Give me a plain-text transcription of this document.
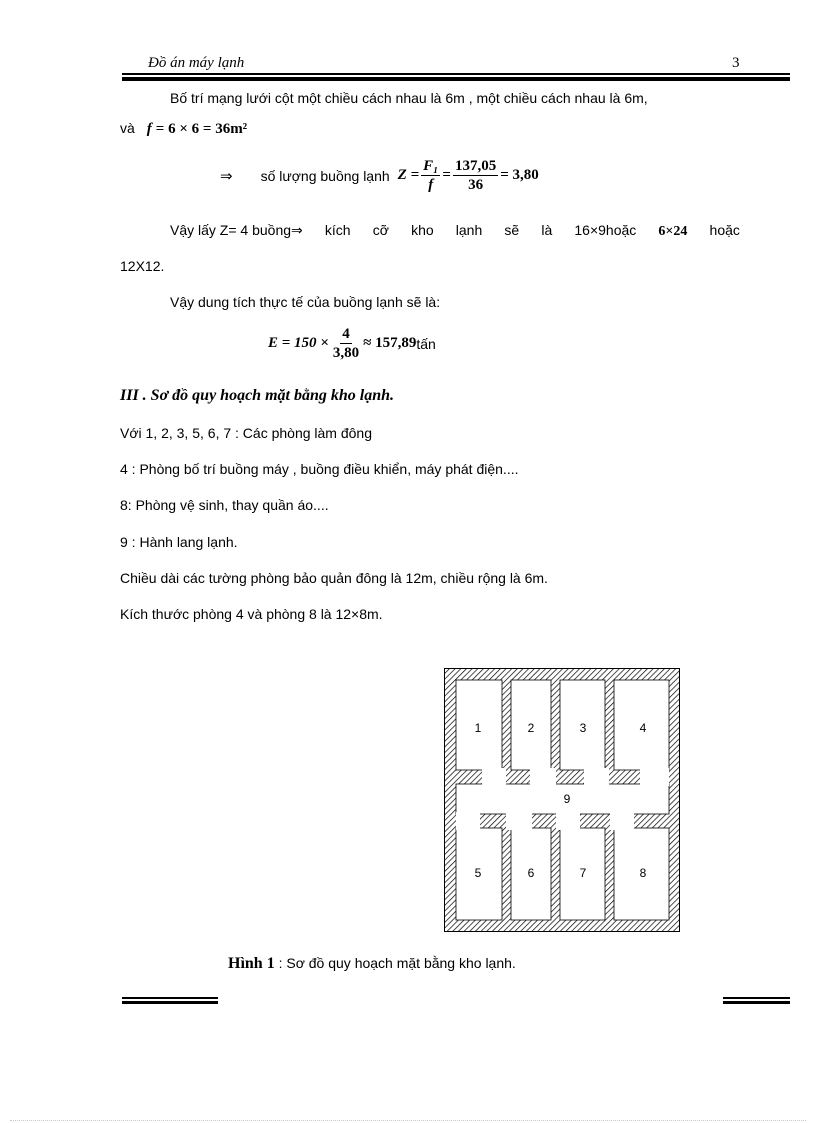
Đồ án máy lạnh	3
Bố trí mạng lưới cột một chiều cách nhau là 6m , một chiều cách nhau là 6m,
và f = 6 × 6 = 36m²
⇒ số lượng buồng lạnh $Z = \frac{\text{F₁}}{f} = \frac{137,05}{36} = 3,80$
Vậy lấy Z= 4 buồng⇒ kích cỡ kho lạnh sẽ là 16×9hoặc 6×24 hoặc
12X12.
Vậy dung tích thực tế của buồng lạnh sẽ là:
$E = 150 \times \frac{4}{3,80} \approx 157,89$ tấn
III . Sơ đồ quy hoạch mặt bằng kho lạnh.
Với 1, 2, 3, 5, 6, 7 : Các phòng làm đông
4 : Phòng bố trí buồng máy , buồng điều khiển, máy phát điện....
8: Phòng vệ sinh, thay quần áo....
9 : Hành lang lạnh.
Chiều dài các tường phòng bảo quản đông là 12m, chiều rộng là 6m.
Kích thước phòng 4 và phòng 8 là 12×8m.
1	2	3	4
9
5	6	7	8
Hình 1 : Sơ đồ quy hoạch mặt bằng kho lạnh.
